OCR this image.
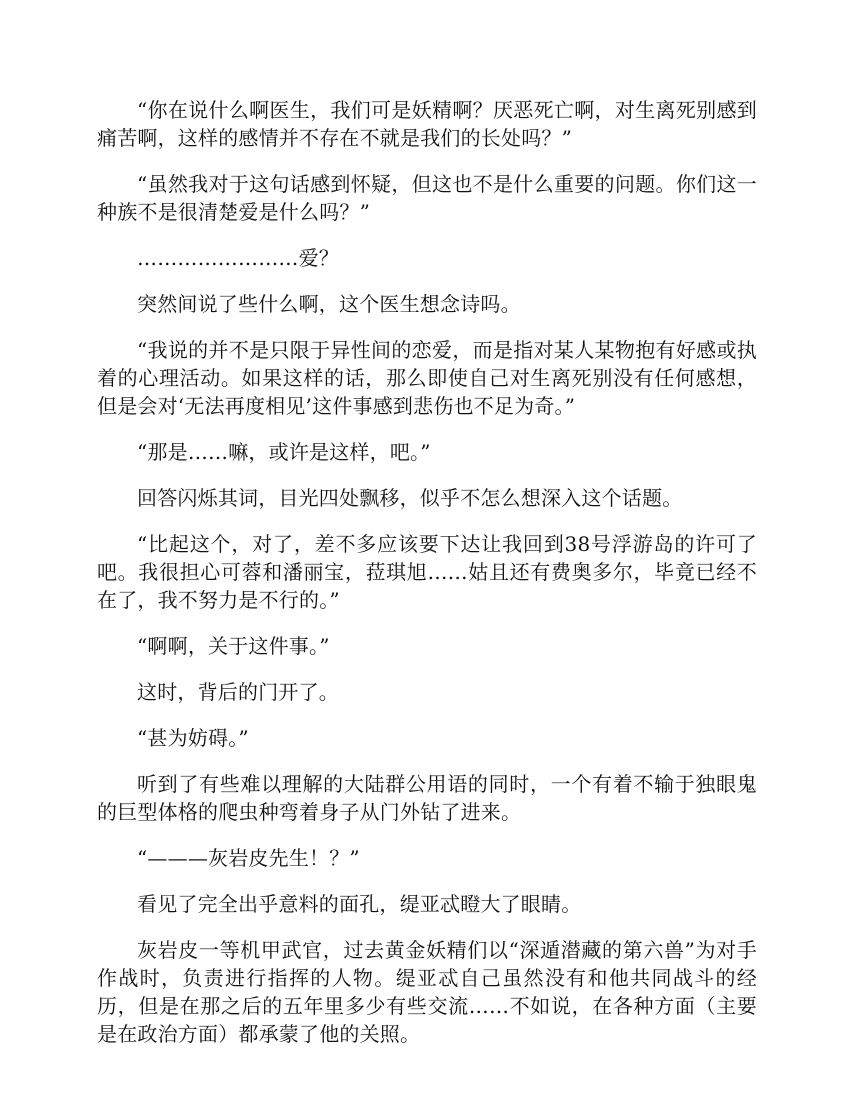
“你在说什么啊医生，我们可是妖精啊？厌恶死亡啊，对生离死别感到痛苦啊，这样的感情并不存在不就是我们的长处吗？”

“虽然我对于这句话感到怀疑，但这也不是什么重要的问题。你们这一种族不是很清楚爱是什么吗？”

……………………爱？

突然间说了些什么啊，这个医生想念诗吗。

“我说的并不是只限于异性间的恋爱，而是指对某人某物抱有好感或执着的心理活动。如果这样的话，那么即使自己对生离死别没有任何感想，但是会对‘无法再度相见’这件事感到悲伤也不足为奇。”

“那是……嘛，或许是这样，吧。”

回答闪烁其词，目光四处飘移，似乎不怎么想深入这个话题。

“比起这个，对了，差不多应该要下达让我回到38号浮游岛的许可了吧。我很担心可蓉和潘丽宝，菈琪旭……姑且还有费奥多尔，毕竟已经不在了，我不努力是不行的。”

“啊啊，关于这件事。”

这时，背后的门开了。

“甚为妨碍。”

听到了有些难以理解的大陆群公用语的同时，一个有着不输于独眼鬼的巨型体格的爬虫种弯着身子从门外钻了进来。

“———灰岩皮先生！？”

看见了完全出乎意料的面孔，缇亚忒瞪大了眼睛。

灰岩皮一等机甲武官，过去黄金妖精们以“深遁潜藏的第六兽”为对手作战时，负责进行指挥的人物。缇亚忒自己虽然没有和他共同战斗的经历，但是在那之后的五年里多少有些交流……不如说，在各种方面（主要是在政治方面）都承蒙了他的关照。
